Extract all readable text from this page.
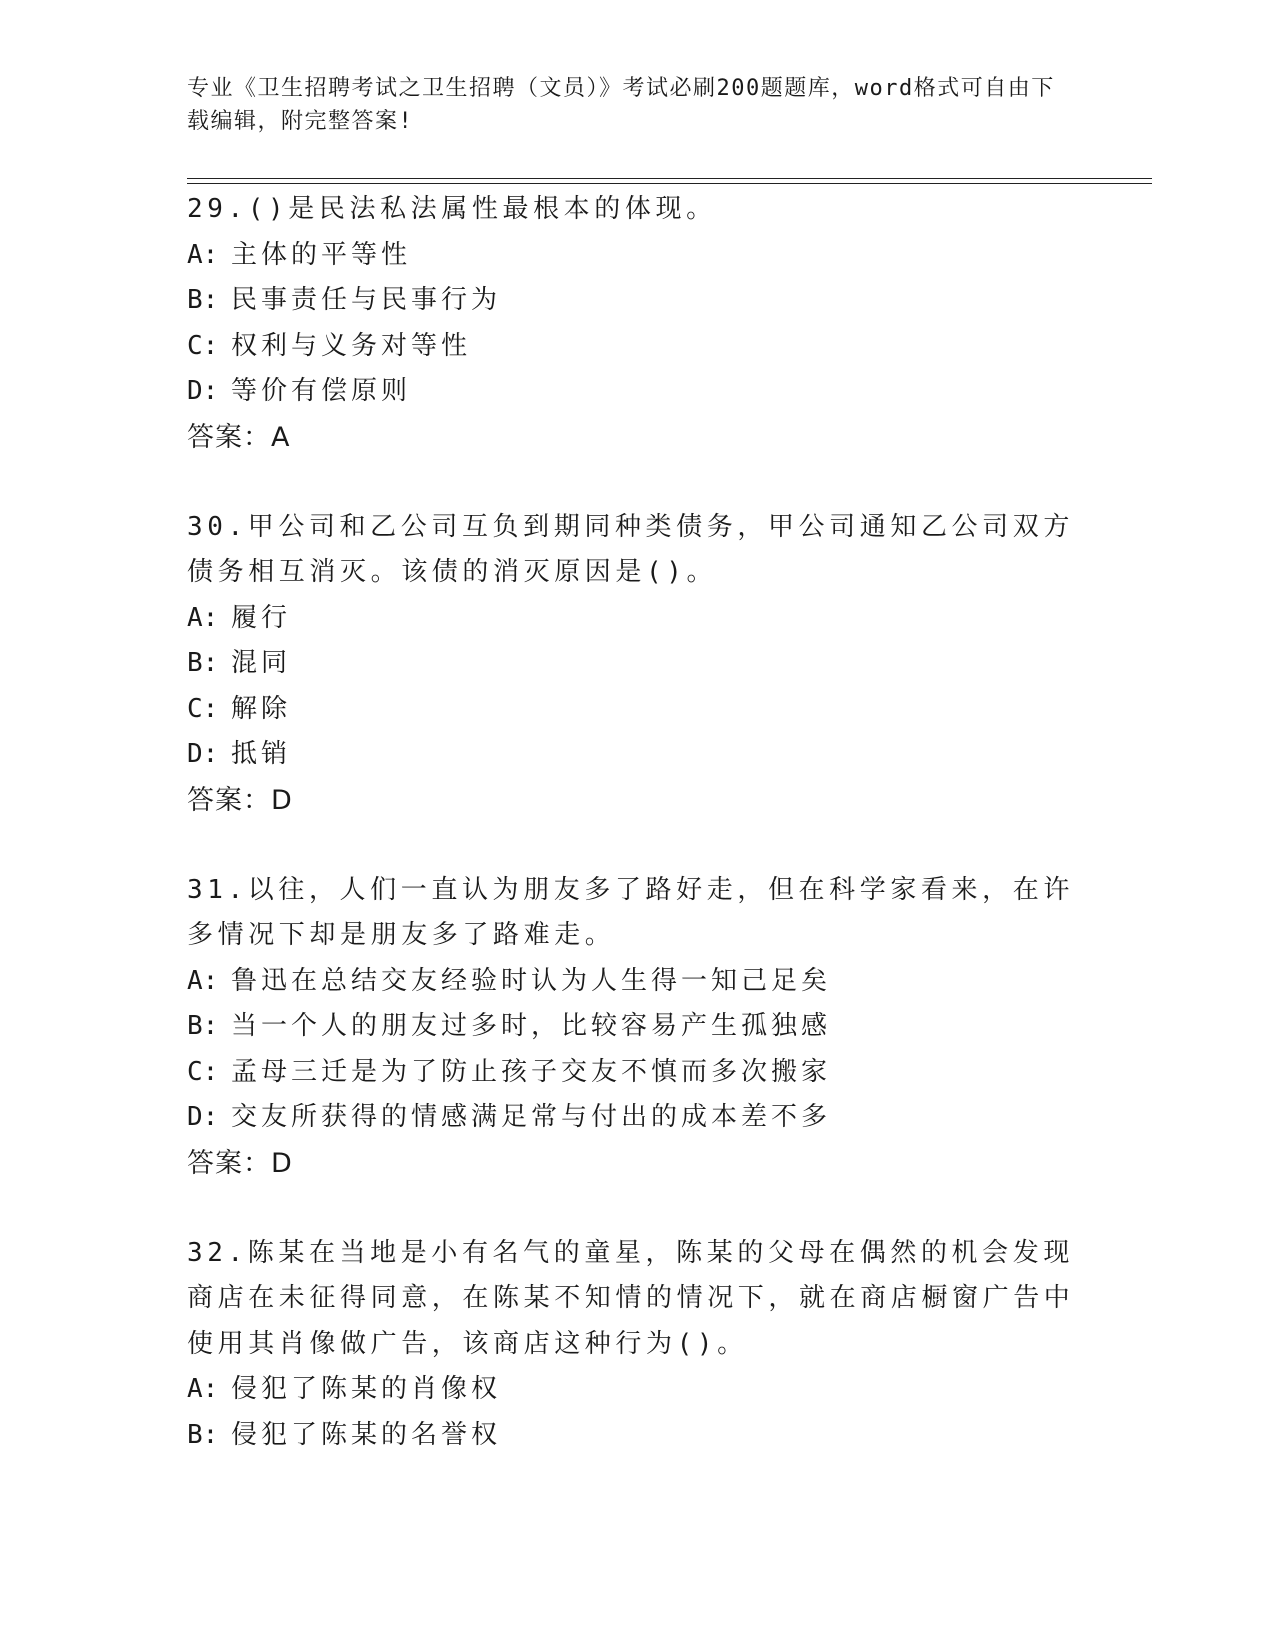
专业《卫生招聘考试之卫生招聘（文员）》考试必刷200题题库，word格式可自由下载编辑，附完整答案!
29.()是民法私法属性最根本的体现。
A: 主体的平等性
B: 民事责任与民事行为
C: 权利与义务对等性
D: 等价有偿原则
答案：A
30.甲公司和乙公司互负到期同种类债务，甲公司通知乙公司双方债务相互消灭。该债的消灭原因是()。
A: 履行
B: 混同
C: 解除
D: 抵销
答案：D
31.以往，人们一直认为朋友多了路好走，但在科学家看来，在许多情况下却是朋友多了路难走。
A: 鲁迅在总结交友经验时认为人生得一知己足矣
B: 当一个人的朋友过多时，比较容易产生孤独感
C: 孟母三迁是为了防止孩子交友不慎而多次搬家
D: 交友所获得的情感满足常与付出的成本差不多
答案：D
32.陈某在当地是小有名气的童星，陈某的父母在偶然的机会发现商店在未征得同意，在陈某不知情的情况下，就在商店橱窗广告中使用其肖像做广告，该商店这种行为()。
A: 侵犯了陈某的肖像权
B: 侵犯了陈某的名誉权
